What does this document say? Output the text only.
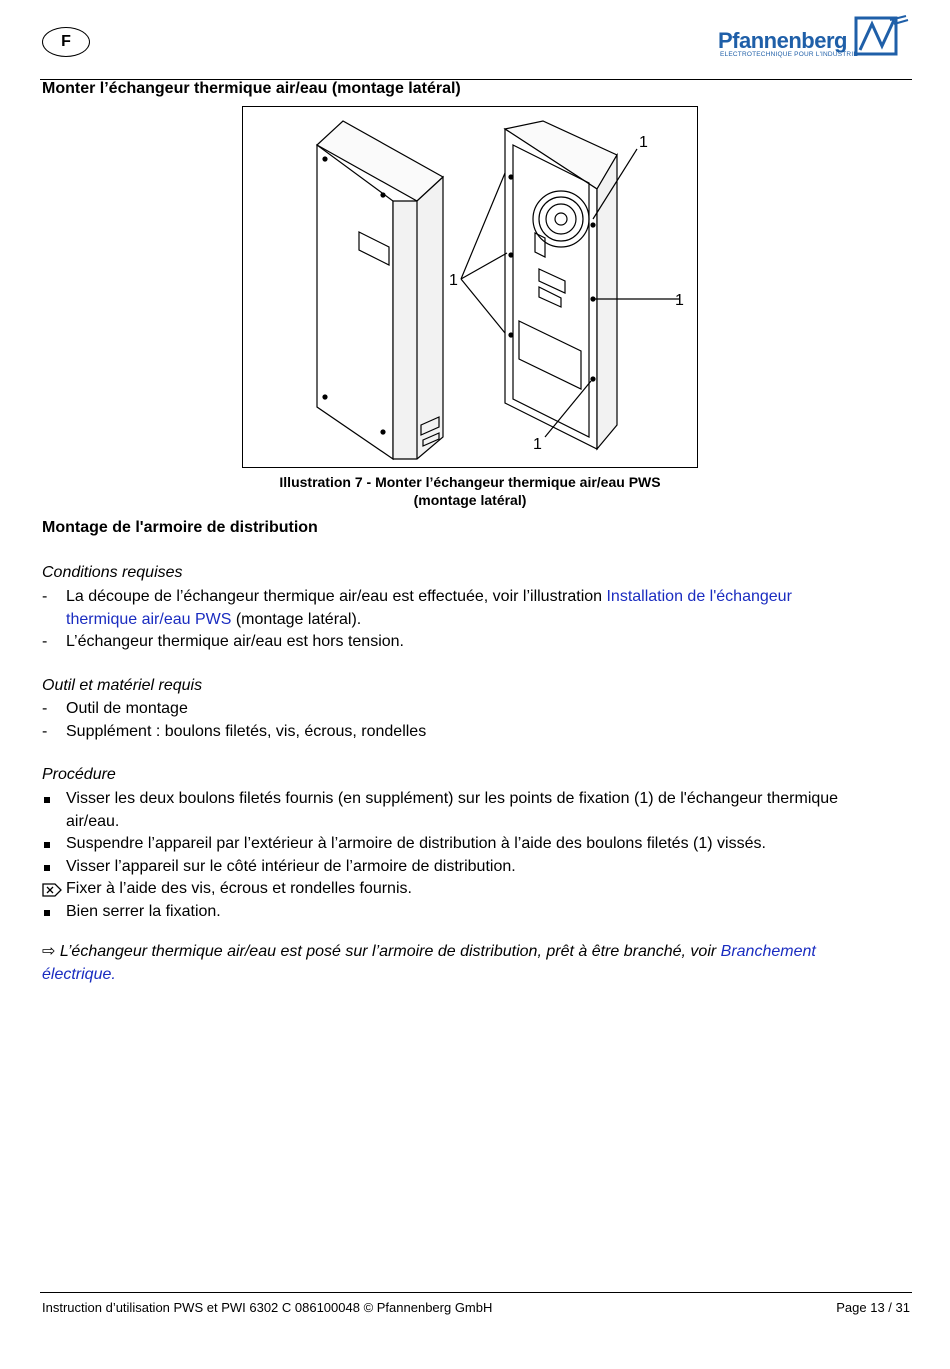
F	Pfannenberg
ELECTROTECHNIQUE POUR L'INDUSTRIE
Monter l’échangeur thermique air/eau (montage latéral)
1
1
1
1
Illustration 7 - Monter l’échangeur thermique air/eau PWS
(montage latéral)
Montage de l'armoire de distribution
Conditions requises
- La découpe de l’échangeur thermique air/eau est effectuée, voir l’illustration Installation de l'échangeur
thermique air/eau PWS (montage latéral).
- L’échangeur thermique air/eau est hors tension.
Outil et matériel requis
- Outil de montage
- Supplément : boulons filetés, vis, écrous, rondelles
Procédure
Visser les deux boulons filetés fournis (en supplément) sur les points de fixation (1) de l'échangeur thermique
air/eau.
Suspendre l’appareil par l’extérieur à l’armoire de distribution à l’aide des boulons filetés (1) vissés.
Visser l’appareil sur le côté intérieur de l’armoire de distribution.
Fixer à l’aide des vis, écrous et rondelles fournis.
Bien serrer la fixation.
⇨ L’échangeur thermique air/eau est posé sur l’armoire de distribution, prêt à être branché, voir Branchement
électrique.
Instruction d’utilisation PWS et PWI 6302 C 086100048 © Pfannenberg GmbH	Page 13 / 31
